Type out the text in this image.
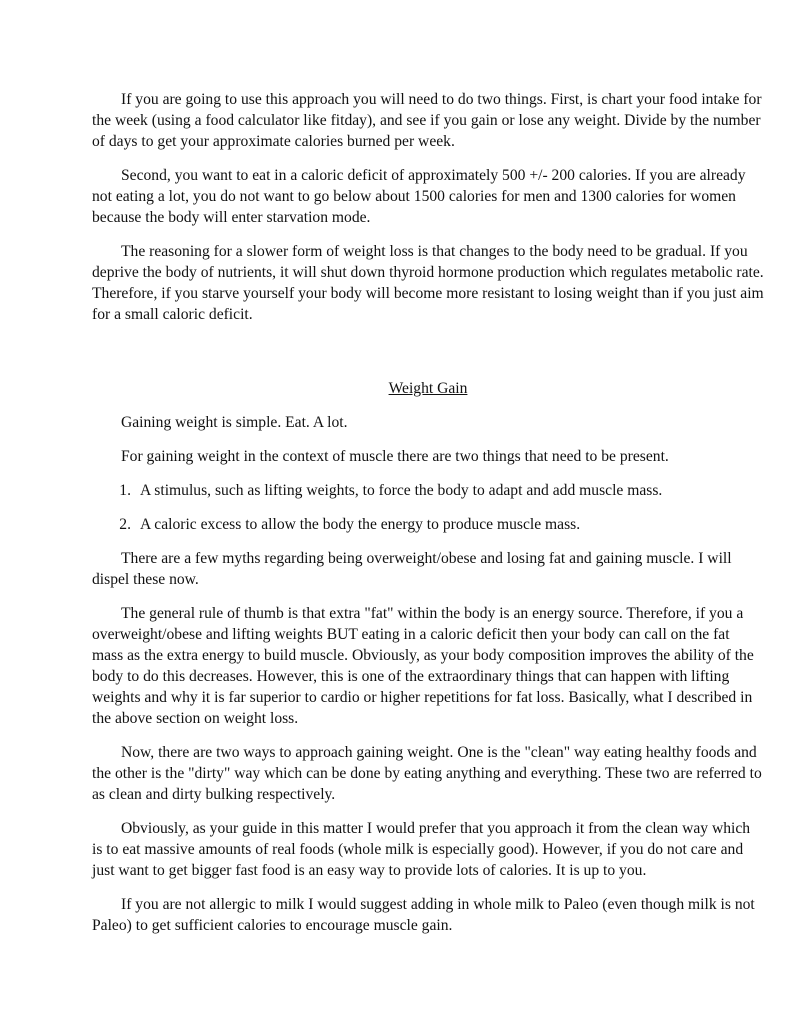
If you are going to use this approach you will need to do two things. First, is chart your food intake for the week (using a food calculator like fitday), and see if you gain or lose any weight. Divide by the number of days to get your approximate calories burned per week.

Second, you want to eat in a caloric deficit of approximately 500 +/- 200 calories. If you are already not eating a lot, you do not want to go below about 1500 calories for men and 1300 calories for women because the body will enter starvation mode.

The reasoning for a slower form of weight loss is that changes to the body need to be gradual. If you deprive the body of nutrients, it will shut down thyroid hormone production which regulates metabolic rate. Therefore, if you starve yourself your body will become more resistant to losing weight than if you just aim for a small caloric deficit.

Weight Gain

Gaining weight is simple. Eat. A lot.

For gaining weight in the context of muscle there are two things that need to be present.

1. A stimulus, such as lifting weights, to force the body to adapt and add muscle mass.
2. A caloric excess to allow the body the energy to produce muscle mass.

There are a few myths regarding being overweight/obese and losing fat and gaining muscle. I will dispel these now.

The general rule of thumb is that extra "fat" within the body is an energy source. Therefore, if you a overweight/obese and lifting weights BUT eating in a caloric deficit then your body can call on the fat mass as the extra energy to build muscle. Obviously, as your body composition improves the ability of the body to do this decreases. However, this is one of the extraordinary things that can happen with lifting weights and why it is far superior to cardio or higher repetitions for fat loss. Basically, what I described in the above section on weight loss.

Now, there are two ways to approach gaining weight. One is the "clean" way eating healthy foods and the other is the "dirty" way which can be done by eating anything and everything. These two are referred to as clean and dirty bulking respectively.

Obviously, as your guide in this matter I would prefer that you approach it from the clean way which is to eat massive amounts of real foods (whole milk is especially good). However, if you do not care and just want to get bigger fast food is an easy way to provide lots of calories. It is up to you.

If you are not allergic to milk I would suggest adding in whole milk to Paleo (even though milk is not Paleo) to get sufficient calories to encourage muscle gain.
